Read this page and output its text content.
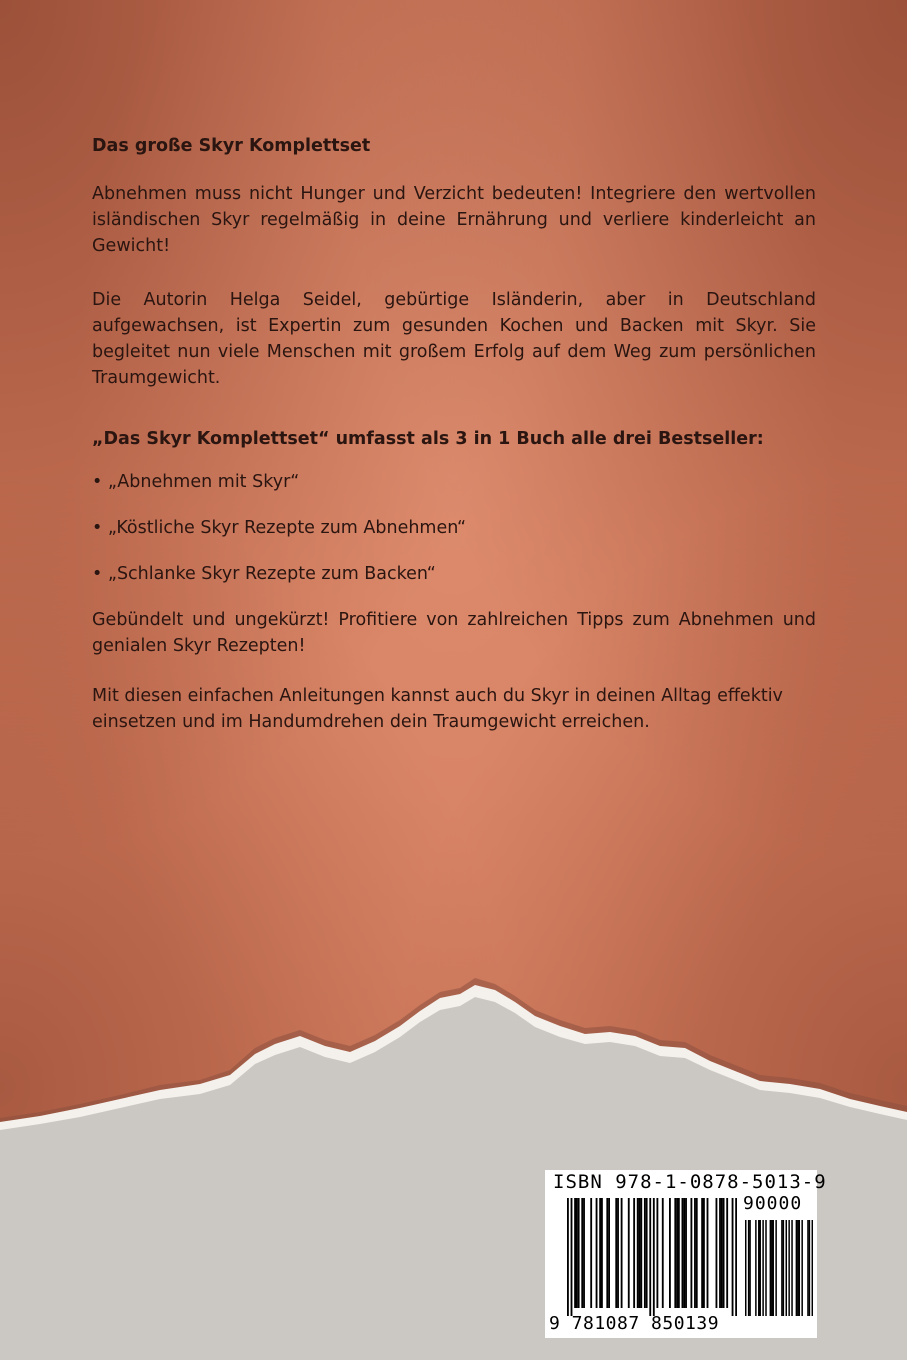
Das große Skyr Komplettset

Abnehmen muss nicht Hunger und Verzicht bedeuten! Integriere den wertvollen isländischen Skyr regelmäßig in deine Ernährung und verliere kinderleicht an Gewicht!

Die Autorin Helga Seidel, gebürtige Isländerin, aber in Deutschland aufgewachsen, ist Expertin zum gesunden Kochen und Backen mit Skyr. Sie begleitet nun viele Menschen mit großem Erfolg auf dem Weg zum persönlichen Traumgewicht.

„Das Skyr Komplettset“ umfasst als 3 in 1 Buch alle drei Bestseller:

• „Abnehmen mit Skyr“

• „Köstliche Skyr Rezepte zum Abnehmen“

• „Schlanke Skyr Rezepte zum Backen“

Gebündelt und ungekürzt! Profitiere von zahlreichen Tipps zum Abnehmen und genialen Skyr Rezepten!

Mit diesen einfachen Anleitungen kannst auch du Skyr in deinen Alltag effektiv einsetzen und im Handumdrehen dein Traumgewicht erreichen.

ISBN 978-1-0878-5013-9
90000
9 781087 850139
